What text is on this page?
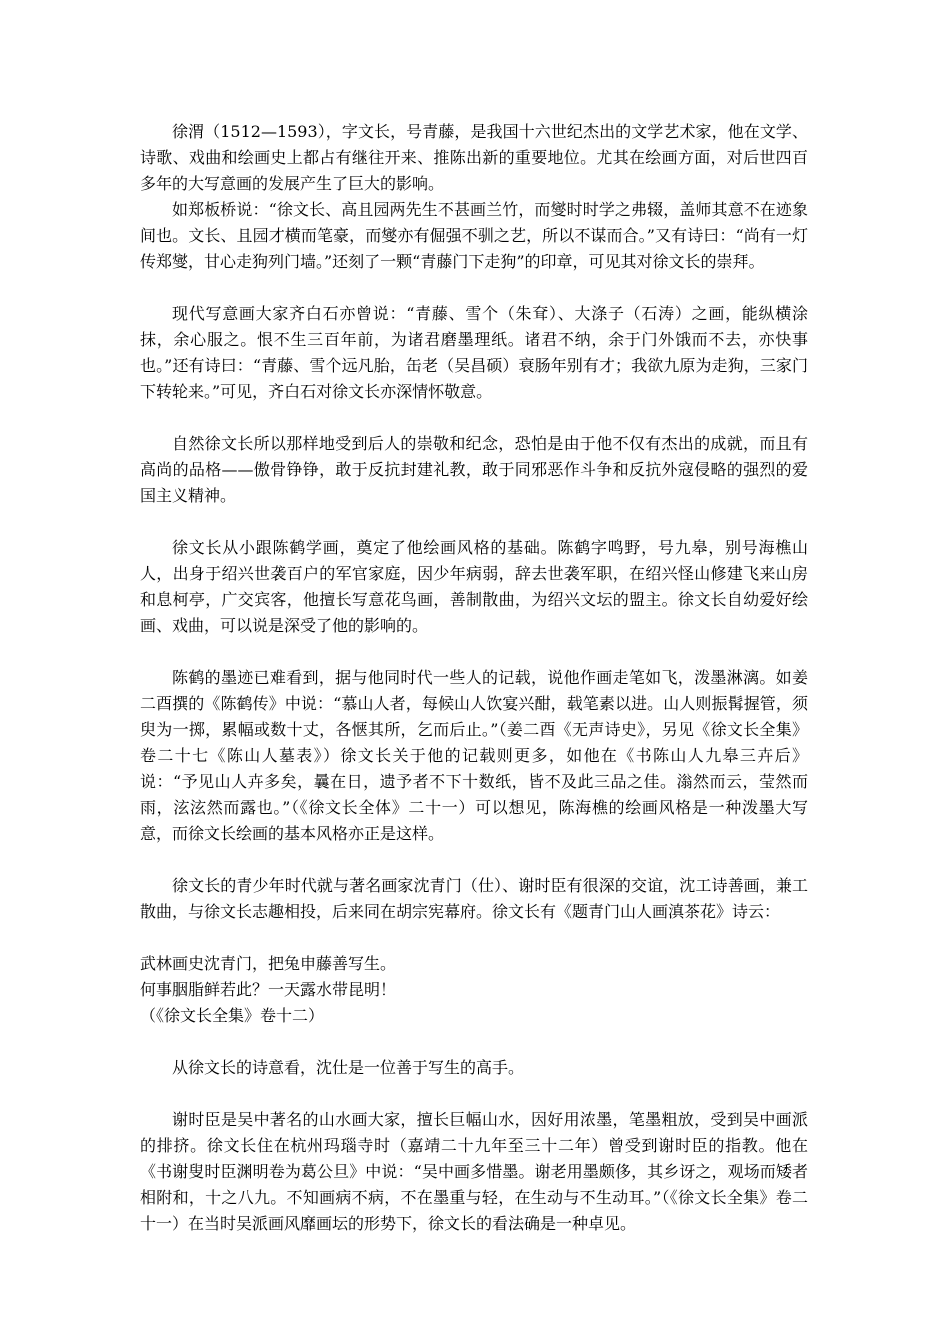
徐渭（1512—1593），字文长，号青藤，是我国十六世纪杰出的文学艺术家，他在文学、诗歌、戏曲和绘画史上都占有继往开来、推陈出新的重要地位。尤其在绘画方面，对后世四百多年的大写意画的发展产生了巨大的影响。

如郑板桥说：“徐文长、高且园两先生不甚画兰竹，而燮时时学之弗辍，盖师其意不在迹象间也。文长、且园才横而笔豪，而燮亦有倔强不驯之艺，所以不谋而合。”又有诗曰：“尚有一灯传郑燮，甘心走狗列门墙。”还刻了一颗“青藤门下走狗”的印章，可见其对徐文长的崇拜。

现代写意画大家齐白石亦曾说：“青藤、雪个（朱耷）、大涤子（石涛）之画，能纵横涂抹，余心服之。恨不生三百年前，为诸君磨墨理纸。诸君不纳，余于门外饿而不去，亦快事也。”还有诗曰：“青藤、雪个远凡胎，缶老（吴昌硕）衰肠年别有才；我欲九原为走狗，三家门下转轮来。”可见，齐白石对徐文长亦深情怀敬意。

自然徐文长所以那样地受到后人的崇敬和纪念，恐怕是由于他不仅有杰出的成就，而且有高尚的品格——傲骨铮铮，敢于反抗封建礼教，敢于同邪恶作斗争和反抗外寇侵略的强烈的爱国主义精神。

徐文长从小跟陈鹤学画，奠定了他绘画风格的基础。陈鹤字鸣野，号九皋，别号海樵山人，出身于绍兴世袭百户的军官家庭，因少年病弱，辞去世袭军职，在绍兴怪山修建飞来山房和息柯亭，广交宾客，他擅长写意花鸟画，善制散曲，为绍兴文坛的盟主。徐文长自幼爱好绘画、戏曲，可以说是深受了他的影响的。

陈鹤的墨迹已难看到，据与他同时代一些人的记载，说他作画走笔如飞，泼墨淋漓。如姜二酉撰的《陈鹤传》中说：“慕山人者，每候山人饮宴兴酣，载笔素以进。山人则振髯握管，须臾为一掷，累幅或数十丈，各惬其所，乞而后止。”（姜二酉《无声诗史》，另见《徐文长全集》卷二十七《陈山人墓表》）徐文长关于他的记载则更多，如他在《书陈山人九皋三卉后》说：“予见山人卉多矣，曩在日，遗予者不下十数纸，皆不及此三品之佳。滃然而云，莹然而雨，泫泫然而露也。”（《徐文长全体》二十一）可以想见，陈海樵的绘画风格是一种泼墨大写意，而徐文长绘画的基本风格亦正是这样。

徐文长的青少年时代就与著名画家沈青门（仕）、谢时臣有很深的交谊，沈工诗善画，兼工散曲，与徐文长志趣相投，后来同在胡宗宪幕府。徐文长有《题青门山人画滇茶花》诗云：

武林画史沈青门，把兔申藤善写生。
何事胭脂鲜若此？一天露水带昆明！
（《徐文长全集》卷十二）

从徐文长的诗意看，沈仕是一位善于写生的高手。

谢时臣是吴中著名的山水画大家，擅长巨幅山水，因好用浓墨，笔墨粗放，受到吴中画派的排挤。徐文长住在杭州玛瑙寺时（嘉靖二十九年至三十二年）曾受到谢时臣的指教。他在《书谢叟时臣渊明卷为葛公旦》中说：“吴中画多惜墨。谢老用墨颇侈，其乡讶之，观场而矮者相附和，十之八九。不知画病不病，不在墨重与轻，在生动与不生动耳。”（《徐文长全集》卷二十一）在当时吴派画风靡画坛的形势下，徐文长的看法确是一种卓见。
